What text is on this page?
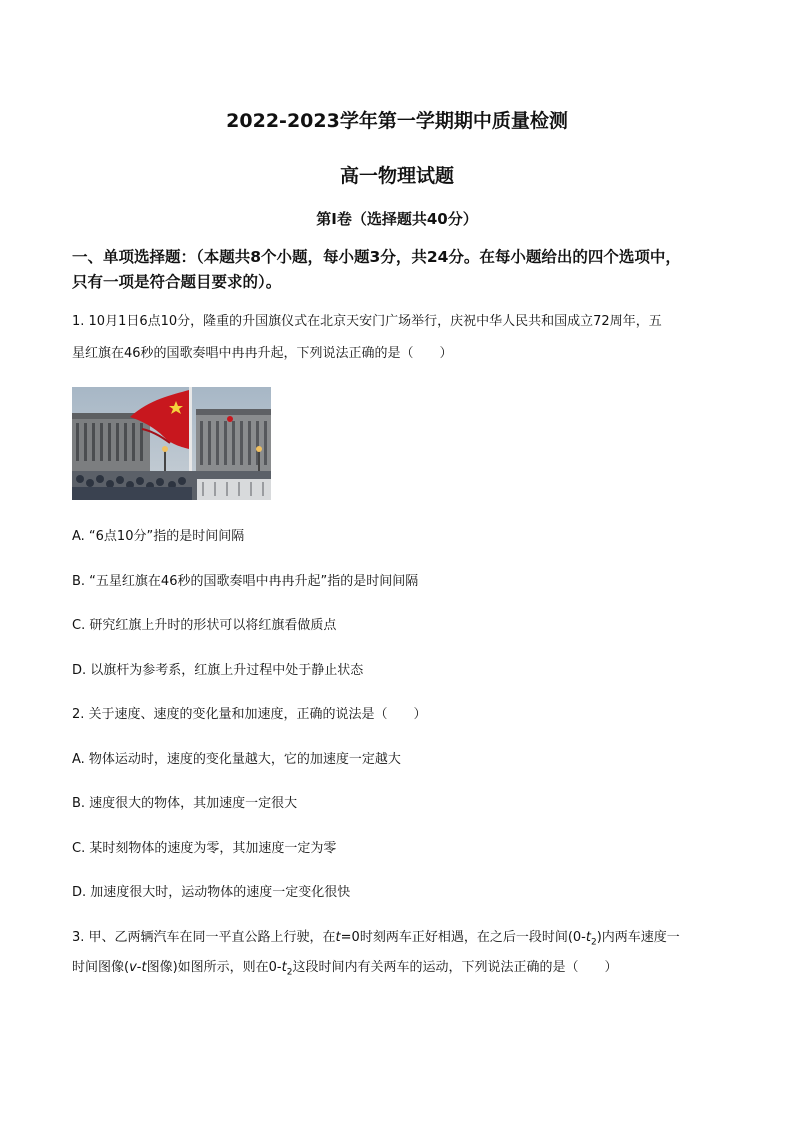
2022-2023学年第一学期期中质量检测
高一物理试题
第Ⅰ卷（选择题共40分）
一、单项选择题：（本题共8个小题，每小题3分，共24分。在每小题给出的四个选项中，
只有一项是符合题目要求的）。
1. 10月1日6点10分，隆重的升国旗仪式在北京天安门广场举行，庆祝中华人民共和国成立72周年，五
星红旗在46秒的国歌奏唱中冉冉升起，下列说法正确的是（　　）
A. “6点10分”指的是时间间隔
B. “五星红旗在46秒的国歌奏唱中冉冉升起”指的是时间间隔
C. 研究红旗上升时的形状可以将红旗看做质点
D. 以旗杆为参考系，红旗上升过程中处于静止状态
2. 关于速度、速度的变化量和加速度，正确的说法是（　　）
A. 物体运动时，速度的变化量越大，它的加速度一定越大
B. 速度很大的物体，其加速度一定很大
C. 某时刻物体的速度为零，其加速度一定为零
D. 加速度很大时，运动物体的速度一定变化很快
3. 甲、乙两辆汽车在同一平直公路上行驶，在t=0时刻两车正好相遇，在之后一段时间$(0-t_2)$内两车速度一
时间图像(v-t图像)如图所示，则在$0-t_2$这段时间内有关两车的运动，下列说法正确的是（　　）
